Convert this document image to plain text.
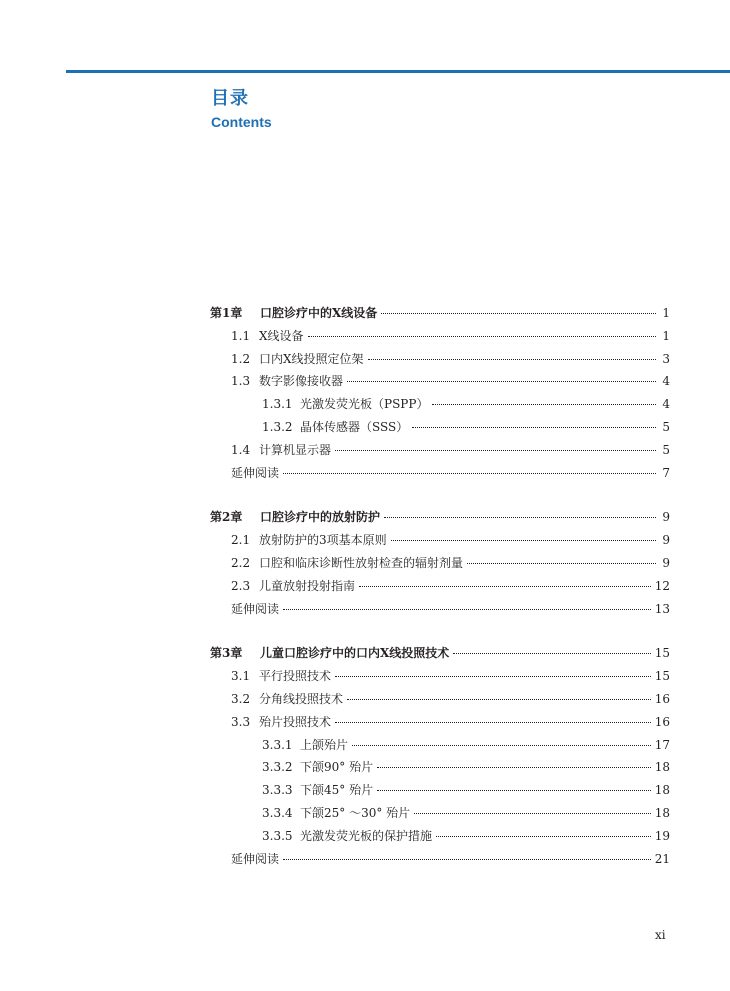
目录
Contents
第1章	口腔诊疗中的X线设备	1
1.1 X线设备	1
1.2 口内X线投照定位架	3
1.3 数字影像接收器	4
1.3.1 光激发荧光板（PSPP）	4
1.3.2 晶体传感器（SSS）	5
1.4 计算机显示器	5
延伸阅读	7
第2章	口腔诊疗中的放射防护	9
2.1 放射防护的3项基本原则	9
2.2 口腔和临床诊断性放射检查的辐射剂量	9
2.3 儿童放射投射指南	12
延伸阅读	13
第3章	儿童口腔诊疗中的口内X线投照技术	15
3.1 平行投照技术	15
3.2 分角线投照技术	16
3.3 殆片投照技术	16
3.3.1 上颌殆片	17
3.3.2 下颌90° 殆片	18
3.3.3 下颌45° 殆片	18
3.3.4 下颌25° ～30° 殆片	18
3.3.5 光激发荧光板的保护措施	19
延伸阅读	21
xi
